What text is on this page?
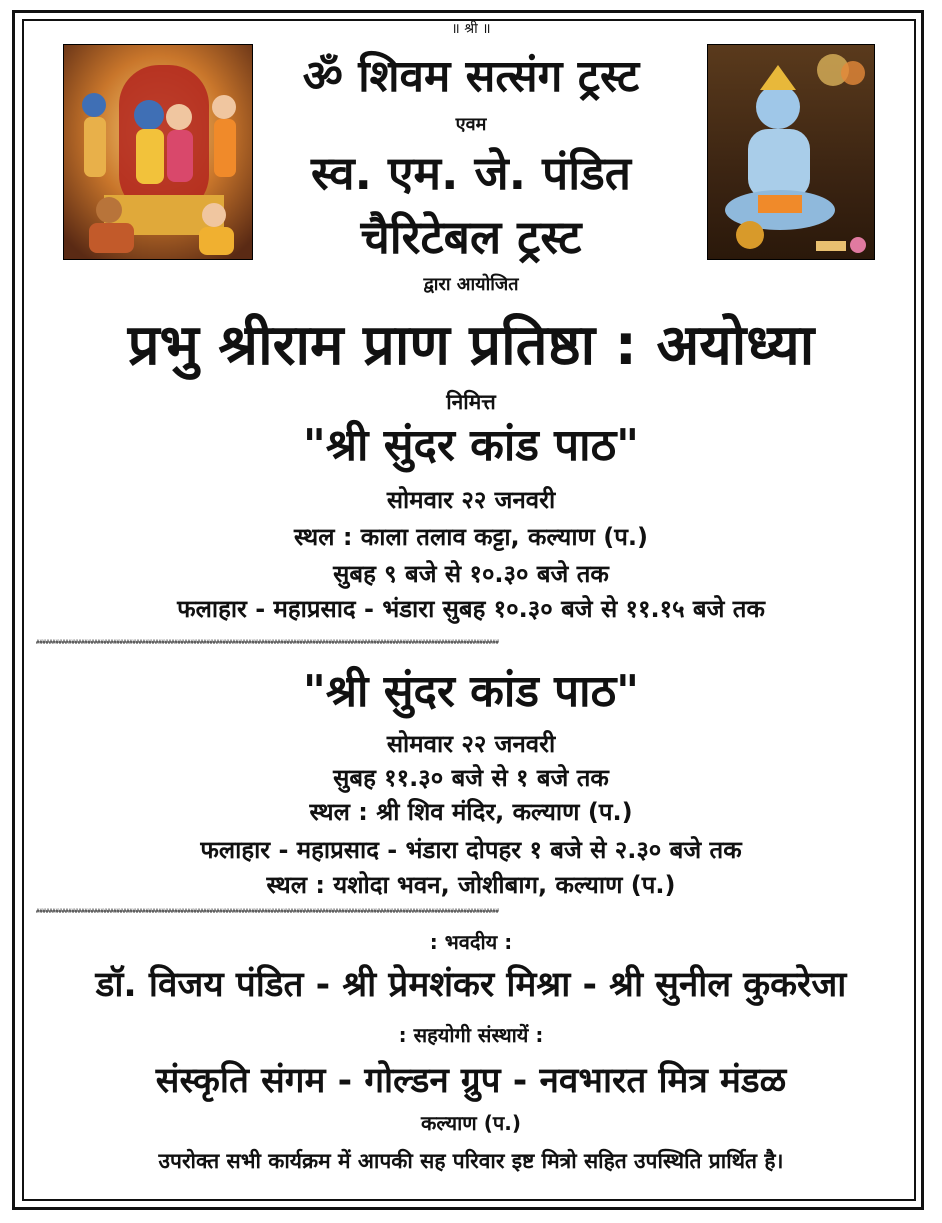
॥ श्री ॥
ॐ शिवम सत्संग ट्रस्ट
एवम
स्व. एम. जे. पंडित
चैरिटेबल ट्रस्ट
द्वारा आयोजित
प्रभु श्रीराम प्राण प्रतिष्ठा : अयोध्या
निमित्त
"श्री सुंदर कांड पाठ"
सोमवार २२ जनवरी
स्थल : काला तलाव कट्टा, कल्याण (प.)
सुबह ९ बजे से १०.३० बजे तक
फलाहार - महाप्रसाद - भंडारा सुबह १०.३० बजे से ११.१५ बजे तक
################################################################################################################################################
"श्री सुंदर कांड पाठ"
सोमवार २२ जनवरी
सुबह ११.३० बजे से १ बजे तक
स्थल : श्री शिव मंदिर, कल्याण (प.)
फलाहार - महाप्रसाद - भंडारा दोपहर १ बजे से २.३० बजे तक
स्थल : यशोदा भवन, जोशीबाग, कल्याण (प.)
################################################################################################################################################
: भवदीय :
डॉ. विजय पंडित - श्री प्रेमशंकर मिश्रा - श्री सुनील कुकरेजा
: सहयोगी संस्थायें :
संस्कृति संगम - गोल्डन ग्रुप - नवभारत मित्र मंडळ
कल्याण (प.)
उपरोक्त सभी कार्यक्रम में आपकी सह परिवार इष्ट मित्रो सहित उपस्थिति प्रार्थित है।
